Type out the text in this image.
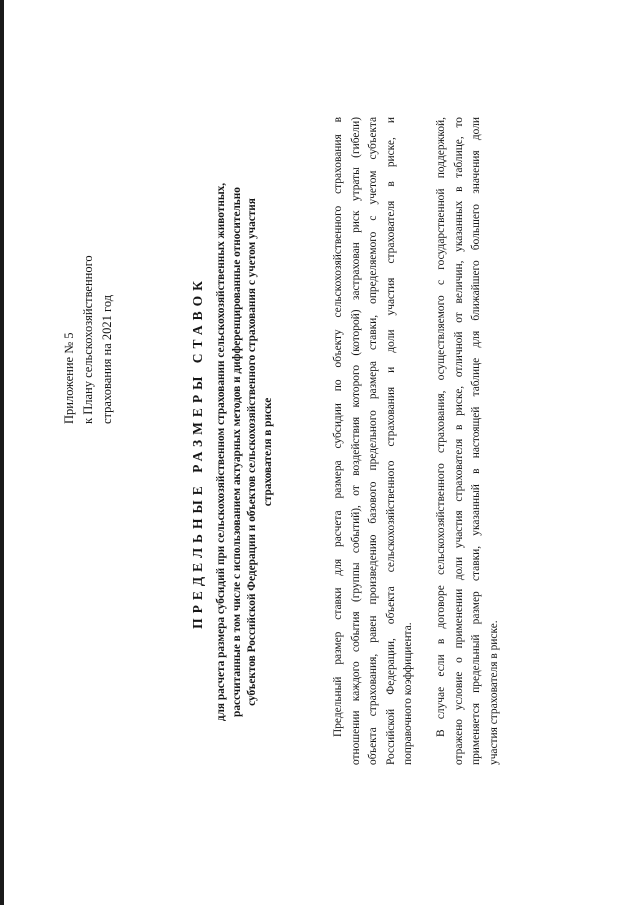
Приложение № 5 к Плану сельскохозяйственного страхования на 2021 год	ПРЕДЕЛЬНЫЕ РАЗМЕРЫ СТАВОК для расчета размера субсидий при сельскохозяйственном страховании сельскохозяйственных животных, рассчитанные в том числе с использованием актуарных методов и дифференцированные относительно субъектов Российской Федерации и объектов сельскохозяйственного страхования с учетом участия страхователя в риске	Предельный размер ставки для расчета размера субсидии по объекту сельскохозяйственного страхования в отношении каждого события (группы событий), от воздействия которого (которой) застрахован риск утраты (гибели) объекта страхования, равен произведению базового предельного размера ставки, определяемого с учетом субъекта Российской Федерации, объекта сельскохозяйственного страхования и доли участия страхователя в риске, и поправочного коэффициента.	В случае если в договоре сельскохозяйственного страхования, осуществляемого с государственной поддержкой, отражено условие о применении доли участия страхователя в риске, отличной от величин, указанных в таблице, то применяется предельный размер ставки, указанный в настоящей таблице для ближайшего большего значения доли участия страхователя в риске.
